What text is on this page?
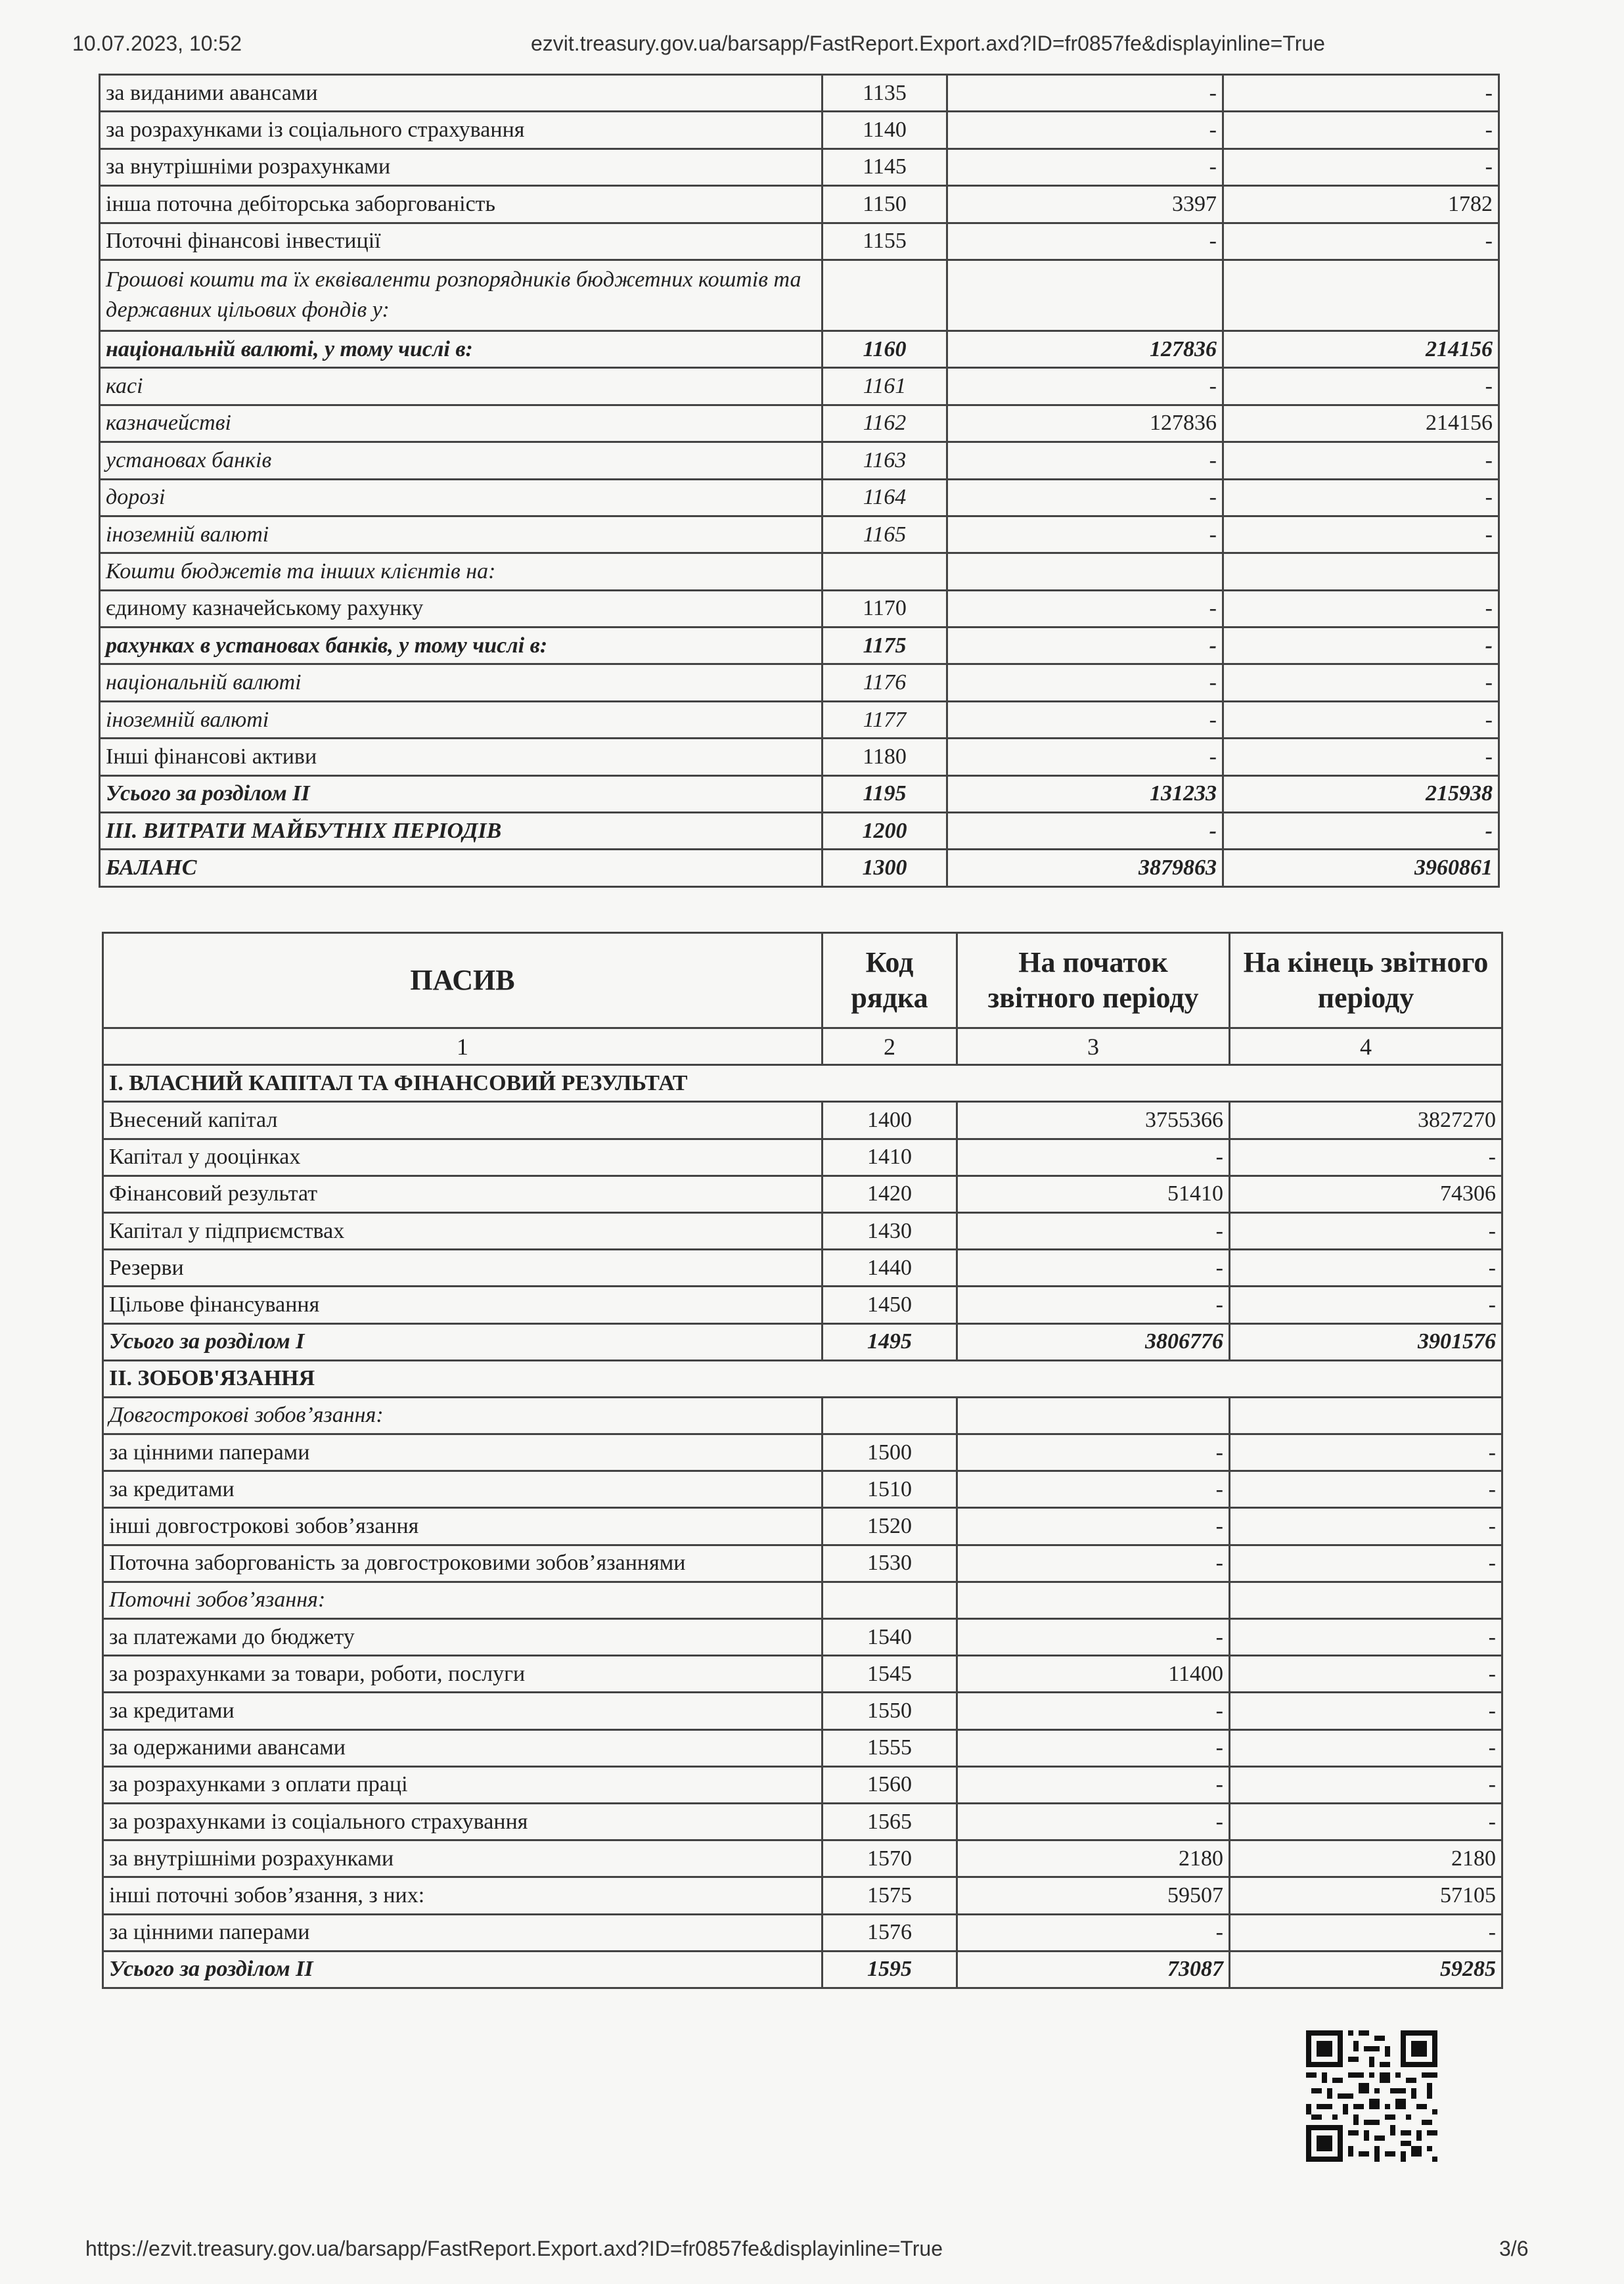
10.07.2023, 10:52	ezvit.treasury.gov.ua/barsapp/FastReport.Export.axd?ID=fr0857fe&displayinline=True
за виданими авансами	1135	-	-
за розрахунками із соціального страхування	1140	-	-
за внутрішніми розрахунками	1145	-	-
інша поточна дебіторська заборгованість	1150	3397	1782
Поточні фінансові інвестиції	1155	-	-
Грошові кошти та їх еквіваленти розпорядників бюджетних коштів та державних цільових фондів у:			
національній валюті, у тому числі в:	1160	127836	214156
касі	1161	-	-
казначействі	1162	127836	214156
установах банків	1163	-	-
дорозі	1164	-	-
іноземній валюті	1165	-	-
Кошти бюджетів та інших клієнтів на:			
єдиному казначейському рахунку	1170	-	-
рахунках в установах банків, у тому числі в:	1175	-	-
національній валюті	1176	-	-
іноземній валюті	1177	-	-
Інші фінансові активи	1180	-	-
Усього за розділом II	1195	131233	215938
III. ВИТРАТИ МАЙБУТНІХ ПЕРІОДІВ	1200	-	-
БАЛАНС	1300	3879863	3960861
ПАСИВ	Код рядка	На початок звітного періоду	На кінець звітного періоду
1	2	3	4
І. ВЛАСНИЙ КАПІТАЛ ТА ФІНАНСОВИЙ РЕЗУЛЬТАТ			
Внесений капітал	1400	3755366	3827270
Капітал у дооцінках	1410	-	-
Фінансовий результат	1420	51410	74306
Капітал у підприємствах	1430	-	-
Резерви	1440	-	-
Цільове фінансування	1450	-	-
Усього за розділом І	1495	3806776	3901576
ІІ. ЗОБОВ'ЯЗАННЯ			
Довгострокові зобов’язання:			
за цінними паперами	1500	-	-
за кредитами	1510	-	-
інші довгострокові зобов’язання	1520	-	-
Поточна заборгованість за довгостроковими зобов’язаннями	1530	-	-
Поточні зобов’язання:			
за платежами до бюджету	1540	-	-
за розрахунками за товари, роботи, послуги	1545	11400	-
за кредитами	1550	-	-
за одержаними авансами	1555	-	-
за розрахунками з оплати праці	1560	-	-
за розрахунками із соціального страхування	1565	-	-
за внутрішніми розрахунками	1570	2180	2180
інші поточні зобов’язання, з них:	1575	59507	57105
за цінними паперами	1576	-	-
Усього за розділом ІІ	1595	73087	59285
https://ezvit.treasury.gov.ua/barsapp/FastReport.Export.axd?ID=fr0857fe&displayinline=True	3/6
